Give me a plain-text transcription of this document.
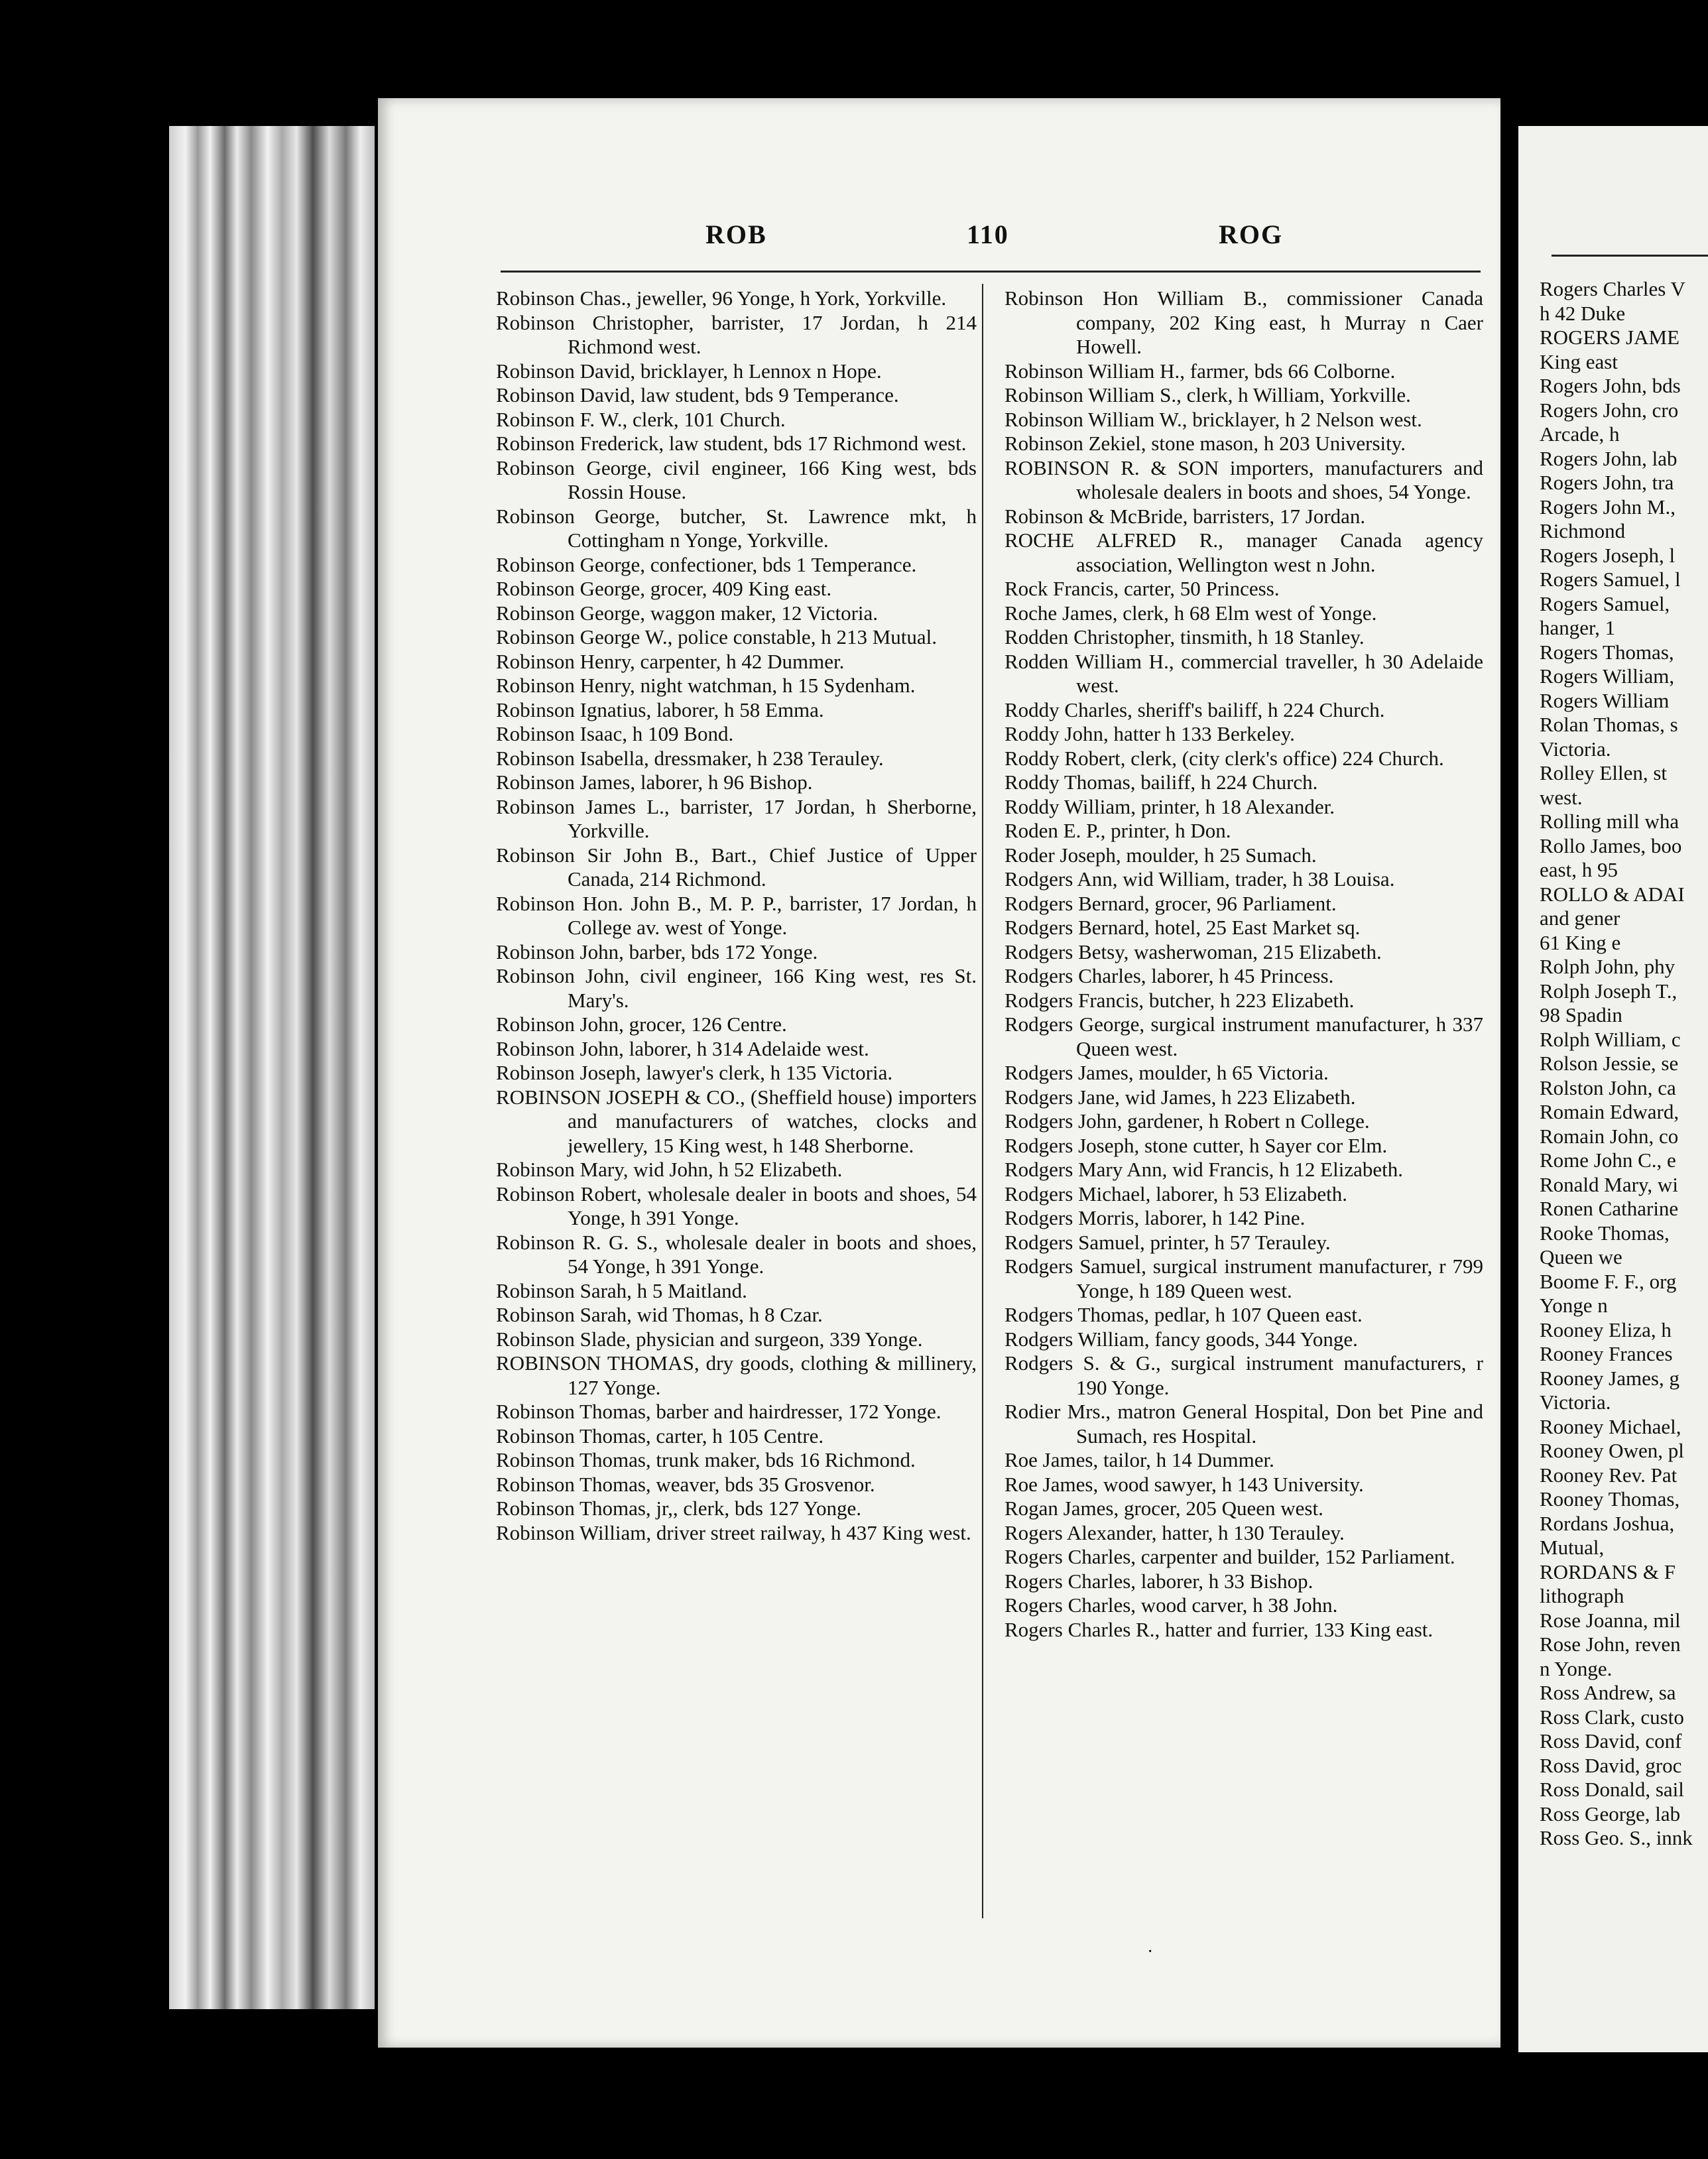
ROB	110	ROG
Robinson Chas., jeweller, 96 Yonge, h York, Yorkville.
Robinson Christopher, barrister, 17 Jordan, h 214 Richmond west.
Robinson David, bricklayer, h Lennox n Hope.
Robinson David, law student, bds 9 Temperance.
Robinson F. W., clerk, 101 Church.
Robinson Frederick, law student, bds 17 Richmond west.
Robinson George, civil engineer, 166 King west, bds Rossin House.
Robinson George, butcher, St. Lawrence mkt, h Cottingham n Yonge, Yorkville.
Robinson George, confectioner, bds 1 Temperance.
Robinson George, grocer, 409 King east.
Robinson George, waggon maker, 12 Victoria.
Robinson George W., police constable, h 213 Mutual.
Robinson Henry, carpenter, h 42 Dummer.
Robinson Henry, night watchman, h 15 Sydenham.
Robinson Ignatius, laborer, h 58 Emma.
Robinson Isaac, h 109 Bond.
Robinson Isabella, dressmaker, h 238 Terauley.
Robinson James, laborer, h 96 Bishop.
Robinson James L., barrister, 17 Jordan, h Sherborne, Yorkville.
Robinson Sir John B., Bart., Chief Justice of Upper Canada, 214 Richmond.
Robinson Hon. John B., M. P. P., barrister, 17 Jordan, h College av. west of Yonge.
Robinson John, barber, bds 172 Yonge.
Robinson John, civil engineer, 166 King west, res St. Mary's.
Robinson John, grocer, 126 Centre.
Robinson John, laborer, h 314 Adelaide west.
Robinson Joseph, lawyer's clerk, h 135 Victoria.
ROBINSON JOSEPH & CO., (Sheffield house) importers and manufacturers of watches, clocks and jewellery, 15 King west, h 148 Sherborne.
Robinson Mary, wid John, h 52 Elizabeth.
Robinson Robert, wholesale dealer in boots and shoes, 54 Yonge, h 391 Yonge.
Robinson R. G. S., wholesale dealer in boots and shoes, 54 Yonge, h 391 Yonge.
Robinson Sarah, h 5 Maitland.
Robinson Sarah, wid Thomas, h 8 Czar.
Robinson Slade, physician and surgeon, 339 Yonge.
ROBINSON THOMAS, dry goods, clothing & millinery, 127 Yonge.
Robinson Thomas, barber and hairdresser, 172 Yonge.
Robinson Thomas, carter, h 105 Centre.
Robinson Thomas, trunk maker, bds 16 Richmond.
Robinson Thomas, weaver, bds 35 Grosvenor.
Robinson Thomas, jr,, clerk, bds 127 Yonge.
Robinson William, driver street railway, h 437 King west.
Robinson Hon William B., commissioner Canada company, 202 King east, h Murray n Caer Howell.
Robinson William H., farmer, bds 66 Colborne.
Robinson William S., clerk, h William, Yorkville.
Robinson William W., bricklayer, h 2 Nelson west.
Robinson Zekiel, stone mason, h 203 University.
ROBINSON R. & SON importers, manufacturers and wholesale dealers in boots and shoes, 54 Yonge.
Robinson & McBride, barristers, 17 Jordan.
ROCHE ALFRED R., manager Canada agency association, Wellington west n John.
Rock Francis, carter, 50 Princess.
Roche James, clerk, h 68 Elm west of Yonge.
Rodden Christopher, tinsmith, h 18 Stanley.
Rodden William H., commercial traveller, h 30 Adelaide west.
Roddy Charles, sheriff's bailiff, h 224 Church.
Roddy John, hatter h 133 Berkeley.
Roddy Robert, clerk, (city clerk's office) 224 Church.
Roddy Thomas, bailiff, h 224 Church.
Roddy William, printer, h 18 Alexander.
Roden E. P., printer, h Don.
Roder Joseph, moulder, h 25 Sumach.
Rodgers Ann, wid William, trader, h 38 Louisa.
Rodgers Bernard, grocer, 96 Parliament.
Rodgers Bernard, hotel, 25 East Market sq.
Rodgers Betsy, washerwoman, 215 Elizabeth.
Rodgers Charles, laborer, h 45 Princess.
Rodgers Francis, butcher, h 223 Elizabeth.
Rodgers George, surgical instrument manufacturer, h 337 Queen west.
Rodgers James, moulder, h 65 Victoria.
Rodgers Jane, wid James, h 223 Elizabeth.
Rodgers John, gardener, h Robert n College.
Rodgers Joseph, stone cutter, h Sayer cor Elm.
Rodgers Mary Ann, wid Francis, h 12 Elizabeth.
Rodgers Michael, laborer, h 53 Elizabeth.
Rodgers Morris, laborer, h 142 Pine.
Rodgers Samuel, printer, h 57 Terauley.
Rodgers Samuel, surgical instrument manufacturer, r 799 Yonge, h 189 Queen west.
Rodgers Thomas, pedlar, h 107 Queen east.
Rodgers William, fancy goods, 344 Yonge.
Rodgers S. & G., surgical instrument manufacturers, r 190 Yonge.
Rodier Mrs., matron General Hospital, Don bet Pine and Sumach, res Hospital.
Roe James, tailor, h 14 Dummer.
Roe James, wood sawyer, h 143 University.
Rogan James, grocer, 205 Queen west.
Rogers Alexander, hatter, h 130 Terauley.
Rogers Charles, carpenter and builder, 152 Parliament.
Rogers Charles, laborer, h 33 Bishop.
Rogers Charles, wood carver, h 38 John.
Rogers Charles R., hatter and furrier, 133 King east.
Rogers Charles V
h 42 Duke
ROGERS JAME
King east
Rogers John, bds
Rogers John, cro
Arcade, h
Rogers John, lab
Rogers John, tra
Rogers John M.,
Richmond
Rogers Joseph, l
Rogers Samuel, l
Rogers Samuel,
hanger, 1
Rogers Thomas,
Rogers William,
Rogers William
Rolan Thomas, s
Victoria.
Rolley Ellen, st
west.
Rolling mill wha
Rollo James, boo
east, h 95
ROLLO & ADAI
and gener
61 King e
Rolph John, phy
Rolph Joseph T.,
98 Spadin
Rolph William, c
Rolson Jessie, se
Rolston John, ca
Romain Edward,
Romain John, co
Rome John C., e
Ronald Mary, wi
Ronen Catharine
Rooke Thomas,
Queen we
Boome F. F., org
Yonge n
Rooney Eliza, h
Rooney Frances
Rooney James, g
Victoria.
Rooney Michael,
Rooney Owen, pl
Rooney Rev. Pat
Rooney Thomas,
Rordans Joshua,
Mutual,
RORDANS & F
lithograph
Rose Joanna, mil
Rose John, reven
n Yonge.
Ross Andrew, sa
Ross Clark, custo
Ross David, conf
Ross David, groc
Ross Donald, sail
Ross George, lab
Ross Geo. S., innk
·
